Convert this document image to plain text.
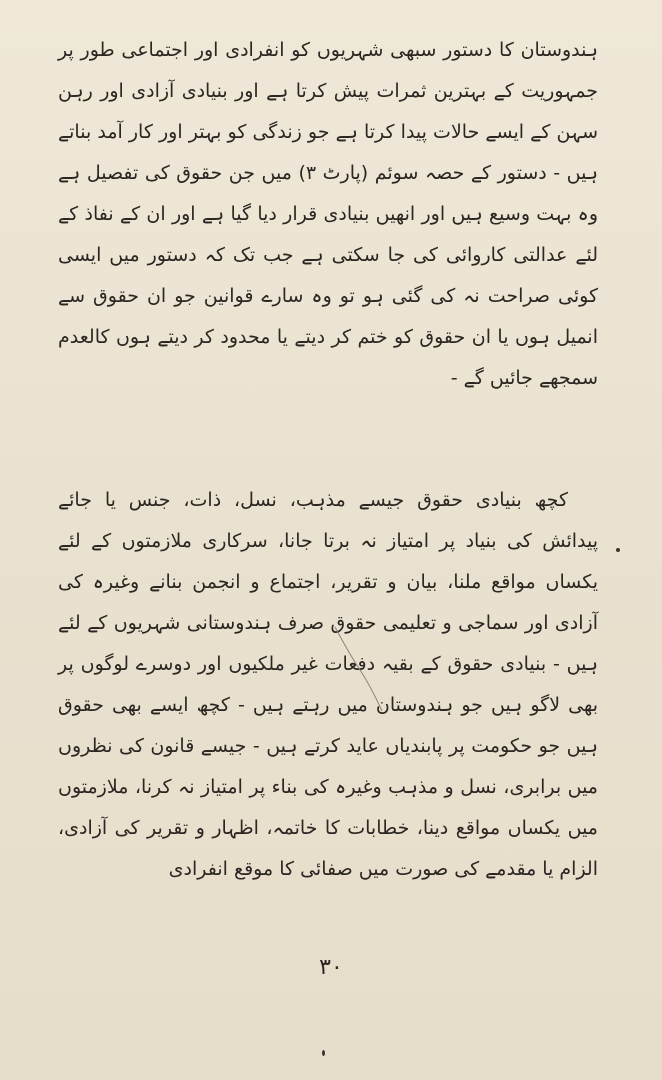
ہندوستان کا دستور سبھی شہریوں کو انفرادی اور اجتماعی طور پر جمہوریت کے بہترین ثمرات پیش کرتا ہے اور بنیادی آزادی اور رہن سہن کے ایسے حالات پیدا کرتا ہے جو زندگی کو بہتر اور کار آمد بناتے ہیں - دستور کے حصہ سوئم (پارٹ ۳) میں جن حقوق کی تفصیل ہے وہ بہت وسیع ہیں اور انھیں بنیادی قرار دیا گیا ہے اور ان کے نفاذ کے لئے عدالتی کاروائی کی جا سکتی ہے جب تک کہ دستور میں ایسی کوئی صراحت نہ کی گئی ہو تو وہ سارے قوانین جو ان حقوق سے انمیل ہوں یا ان حقوق کو ختم کر دیتے یا محدود کر دیتے ہوں کالعدم سمجھے جائیں گے -

کچھ بنیادی حقوق جیسے مذہب، نسل، ذات، جنس یا جائے پیدائش کی بنیاد پر امتیاز نہ برتا جانا، سرکاری ملازمتوں کے لئے یکساں مواقع ملنا، بیان و تقریر، اجتماع و انجمن بنانے وغیرہ کی آزادی اور سماجی و تعلیمی حقوق صرف ہندوستانی شہریوں کے لئے ہیں - بنیادی حقوق کے بقیہ دفعات غیر ملکیوں اور دوسرے لوگوں پر بھی لاگو ہیں جو ہندوستان میں رہتے ہیں - کچھ ایسے بھی حقوق ہیں جو حکومت پر پابندیاں عاید کرتے ہیں - جیسے قانون کی نظروں میں برابری، نسل و مذہب وغیرہ کی بناء پر امتیاز نہ کرنا، ملازمتوں میں یکساں مواقع دینا، خطابات کا خاتمہ، اظہار و تقریر کی آزادی، الزام یا مقدمے کی صورت میں صفائی کا موقع انفرادی

۳۰
